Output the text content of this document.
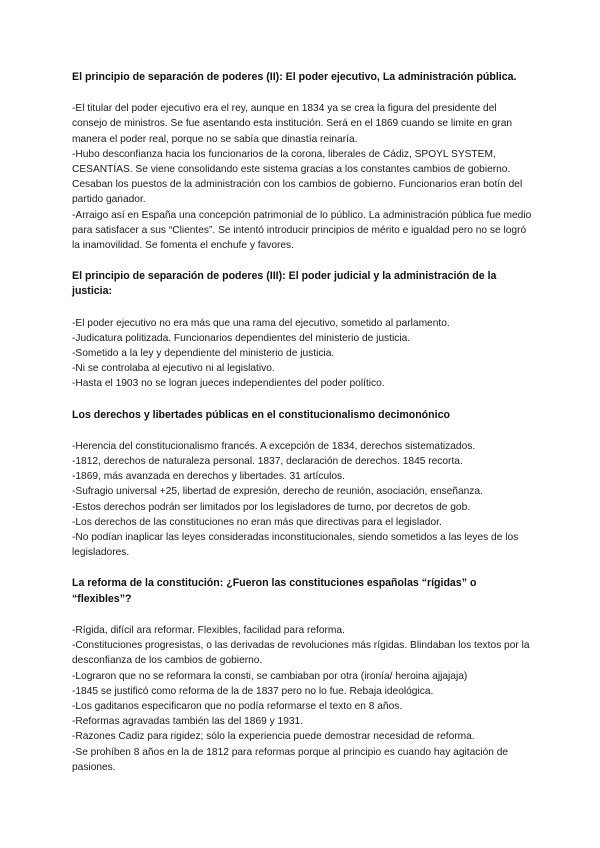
El principio de separación de poderes (II): El poder ejecutivo, La administración pública.

-El titular del poder ejecutivo era el rey, aunque en 1834 ya se crea la figura del presidente del consejo de ministros. Se fue asentando esta institución. Será en el 1869 cuando se limite en gran manera el poder real, porque no se sabía que dinastía reinaría.

-Hubo desconfianza hacia los funcionarios de la corona, liberales de Cádiz, SPOYL SYSTEM, CESANTÍAS. Se viene consolidando este sistema gracias a los constantes cambios de gobierno. Cesaban los puestos de la administración con los cambios de gobierno. Funcionarios eran botín del partido ganador.

-Arraigo así en España una concepción patrimonial de lo público. La administración pública fue medio para satisfacer a sus “Clientes”. Se intentó introducir principios de mérito e igualdad pero no se logró la inamovilidad. Se fomenta el enchufe y favores.

El principio de separación de poderes (III): El poder judicial y la administración de la justicia:

-El poder ejecutivo no era más que una rama del ejecutivo, sometido al parlamento.

-Judicatura politizada. Funcionarios dependientes del ministerio de justicia.

-Sometido a la ley y dependiente del ministerio de justicia.

-Ni se controlaba al ejecutivo ni al legislativo.

-Hasta el 1903 no se logran jueces independientes del poder político.

Los derechos y libertades públicas en el constitucionalismo decimonónico

-Herencia del constitucionalismo francés. A excepción de 1834, derechos sistematizados.

-1812, derechos de naturaleza personal. 1837, declaración de derechos. 1845 recorta.

-1869, más avanzada en derechos y libertades. 31 artículos.

-Sufragio universal +25, libertad de expresión, derecho de reunión, asociación, enseñanza.

-Estos derechos podrán ser limitados por los legisladores de turno, por decretos de gob.

-Los derechos de las constituciones no eran más que directivas para el legislador.

-No podían inaplicar las leyes consideradas inconstitucionales, siendo sometidos a las leyes de los legisladores.

La reforma de la constitución: ¿Fueron las constituciones españolas “rígidas” o “flexibles”?

-Rígida, difícil ara reformar. Flexibles, facilidad para reforma.

-Constituciones progresistas, o las derivadas de revoluciones más rígidas. Blindaban los textos por la desconfianza de los cambios de gobierno.

-Lograron que no se reformara la consti, se cambiaban por otra (ironía/ heroina ajjajaja)

-1845 se justificó como reforma de la de 1837 pero no lo fue. Rebaja ideológica.

-Los gaditanos especificaron que no podía reformarse el texto en 8 años.

-Reformas agravadas también las del 1869 y 1931.

-Razones Cadiz para rigidez; sólo la experiencia puede demostrar necesidad de reforma.

-Se prohíben 8 años en la de 1812 para reformas porque al principio es cuando hay agitación de pasiones.
